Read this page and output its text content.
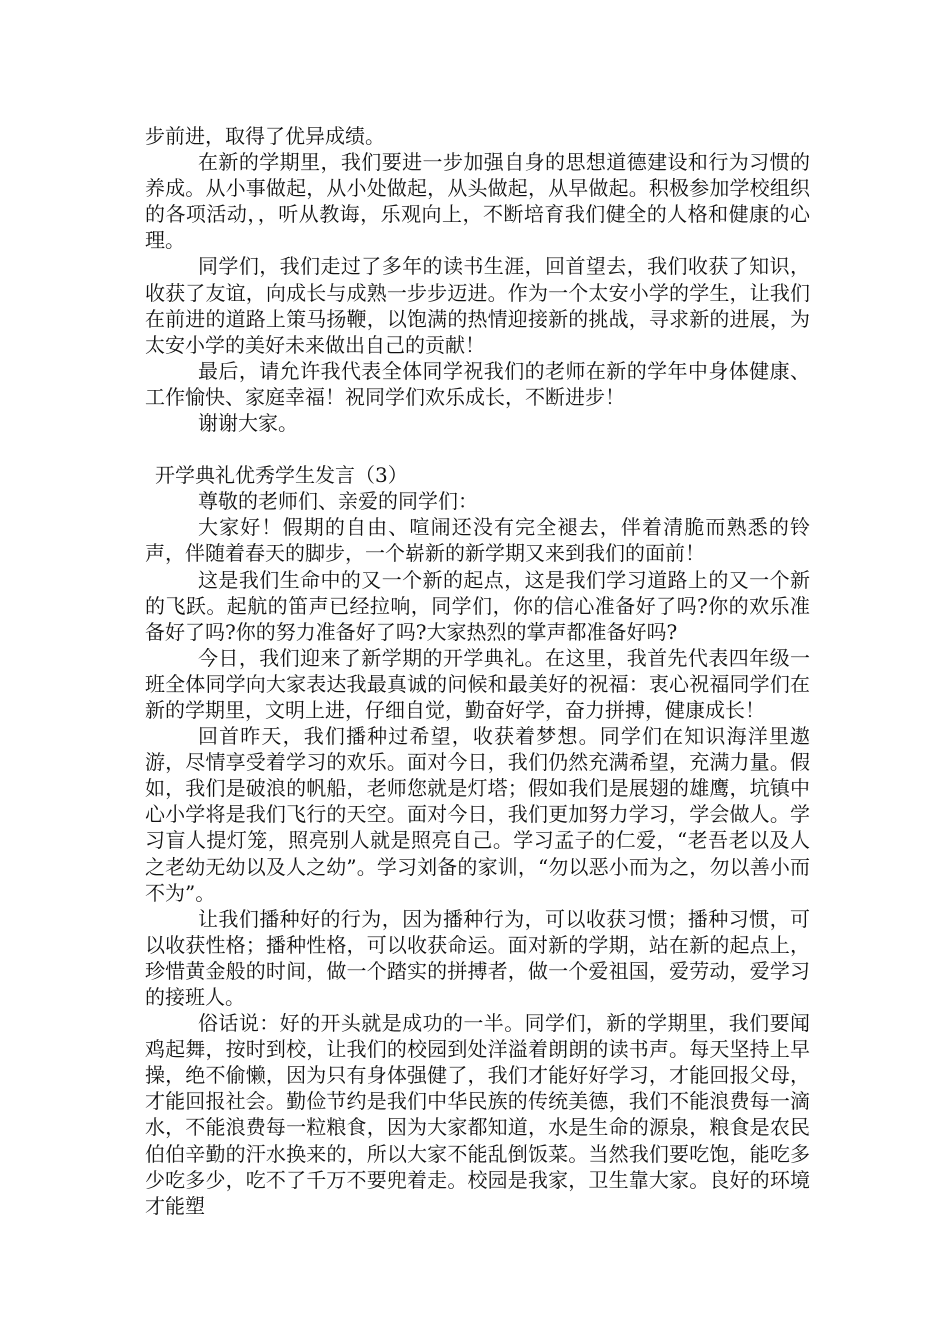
步前进，取得了优异成绩。

在新的学期里，我们要进一步加强自身的思想道德建设和行为习惯的养成。从小事做起，从小处做起，从头做起，从早做起。积极参加学校组织的各项活动，，听从教诲，乐观向上，不断培育我们健全的人格和健康的心理。

同学们，我们走过了多年的读书生涯，回首望去，我们收获了知识，收获了友谊，向成长与成熟一步步迈进。作为一个太安小学的学生，让我们在前进的道路上策马扬鞭，以饱满的热情迎接新的挑战，寻求新的进展，为太安小学的美好未来做出自己的贡献！

最后，请允许我代表全体同学祝我们的老师在新的学年中身体健康、工作愉快、家庭幸福！祝同学们欢乐成长，不断进步！

谢谢大家。

开学典礼优秀学生发言（3）

尊敬的老师们、亲爱的同学们：

大家好！假期的自由、喧闹还没有完全褪去，伴着清脆而熟悉的铃声，伴随着春天的脚步，一个崭新的新学期又来到我们的面前！

这是我们生命中的又一个新的起点，这是我们学习道路上的又一个新的飞跃。起航的笛声已经拉响，同学们，你的信心准备好了吗?你的欢乐准备好了吗?你的努力准备好了吗?大家热烈的掌声都准备好吗?

今日，我们迎来了新学期的开学典礼。在这里，我首先代表四年级一班全体同学向大家表达我最真诚的问候和最美好的祝福：衷心祝福同学们在新的学期里，文明上进，仔细自觉，勤奋好学，奋力拼搏，健康成长！

回首昨天，我们播种过希望，收获着梦想。同学们在知识海洋里遨游，尽情享受着学习的欢乐。面对今日，我们仍然充满希望，充满力量。假如，我们是破浪的帆船，老师您就是灯塔；假如我们是展翅的雄鹰，坑镇中心小学将是我们飞行的天空。面对今日，我们更加努力学习，学会做人。学习盲人提灯笼，照亮别人就是照亮自己。学习孟子的仁爱，“老吾老以及人之老幼无幼以及人之幼”。学习刘备的家训，“勿以恶小而为之，勿以善小而不为”。

让我们播种好的行为，因为播种行为，可以收获习惯；播种习惯，可以收获性格；播种性格，可以收获命运。面对新的学期，站在新的起点上，珍惜黄金般的时间，做一个踏实的拼搏者，做一个爱祖国，爱劳动，爱学习的接班人。

俗话说：好的开头就是成功的一半。同学们，新的学期里，我们要闻鸡起舞，按时到校，让我们的校园到处洋溢着朗朗的读书声。每天坚持上早操，绝不偷懒，因为只有身体强健了，我们才能好好学习，才能回报父母，才能回报社会。勤俭节约是我们中华民族的传统美德，我们不能浪费每一滴水，不能浪费每一粒粮食，因为大家都知道，水是生命的源泉，粮食是农民伯伯辛勤的汗水换来的，所以大家不能乱倒饭菜。当然我们要吃饱，能吃多少吃多少，吃不了千万不要兜着走。校园是我家，卫生靠大家。良好的环境才能塑
